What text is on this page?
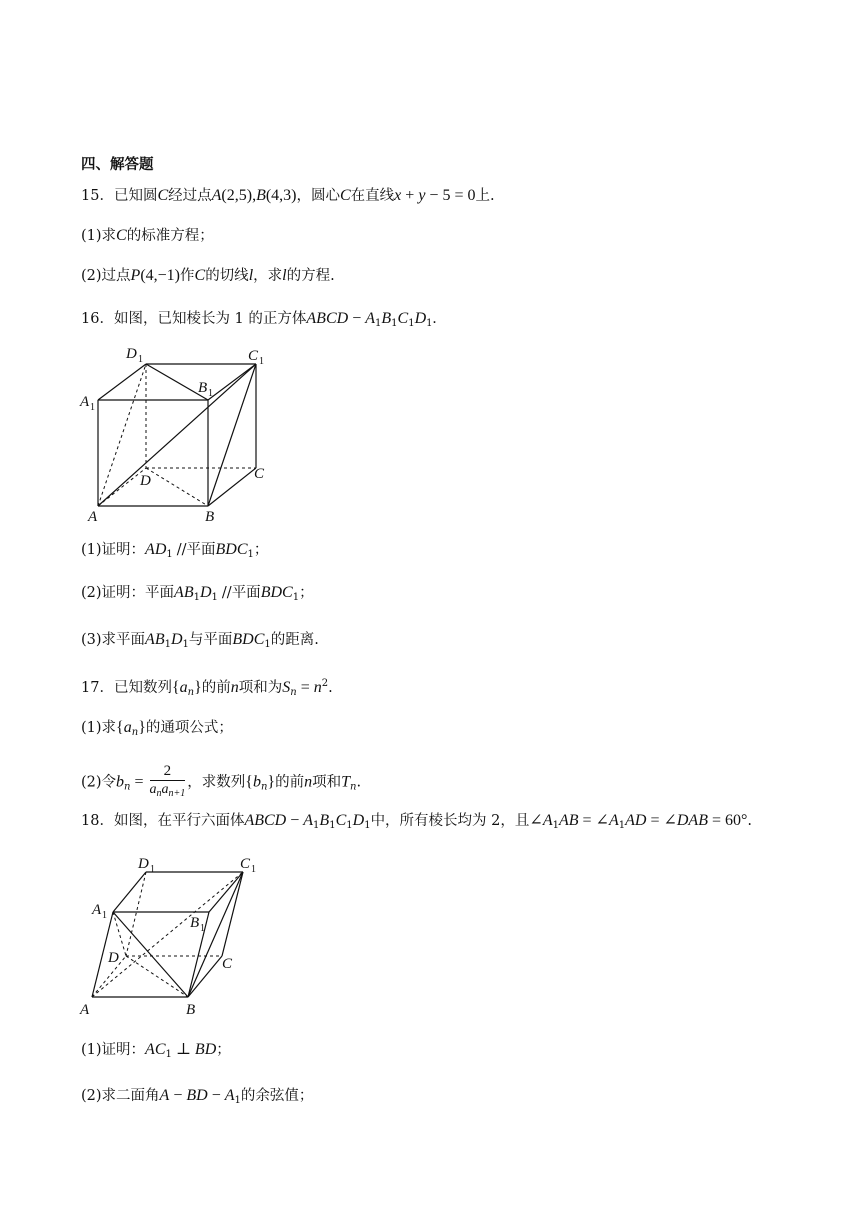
四、解答题
15．已知圆C经过点A(2,5),B(4,3)，圆心C在直线x + y − 5 = 0上.
(1)求C的标准方程；
(2)过点P(4,−1)作C的切线l，求l的方程.
16．如图，已知棱长为 1 的正方体ABCD − $A_1B_1C_1D_1$.
D 1	C 1
B 1
A 1
D	C
A	B
(1)证明：$AD_1$ //平面$BDC_1$；
(2)证明：平面$AB_1D_1$ //平面$BDC_1$；
(3)求平面$AB_1D_1$与平面$BDC_1$的距离.
17．已知数列$\{a_n\}$的前n项和为$S_n = n^2$.
(1)求$\{a_n\}$的通项公式；
(2)令$b_n = \frac{2}{a_na_{n+1}}$ ，求数列$\{b_n\}$的前n项和$T_n$.
18．如图，在平行六面体ABCD − $A_1B_1C_1D_1$中，所有棱长均为 2，且$\angle A_1AB$ = $\angle A_1AD$ = ∠DAB = 60°.
D 1	C 1
A 1	B 1
D	C
A	B
(1)证明：$AC_1$ ⊥ BD；
(2)求二面角A − BD − $A_1$的余弦值；
